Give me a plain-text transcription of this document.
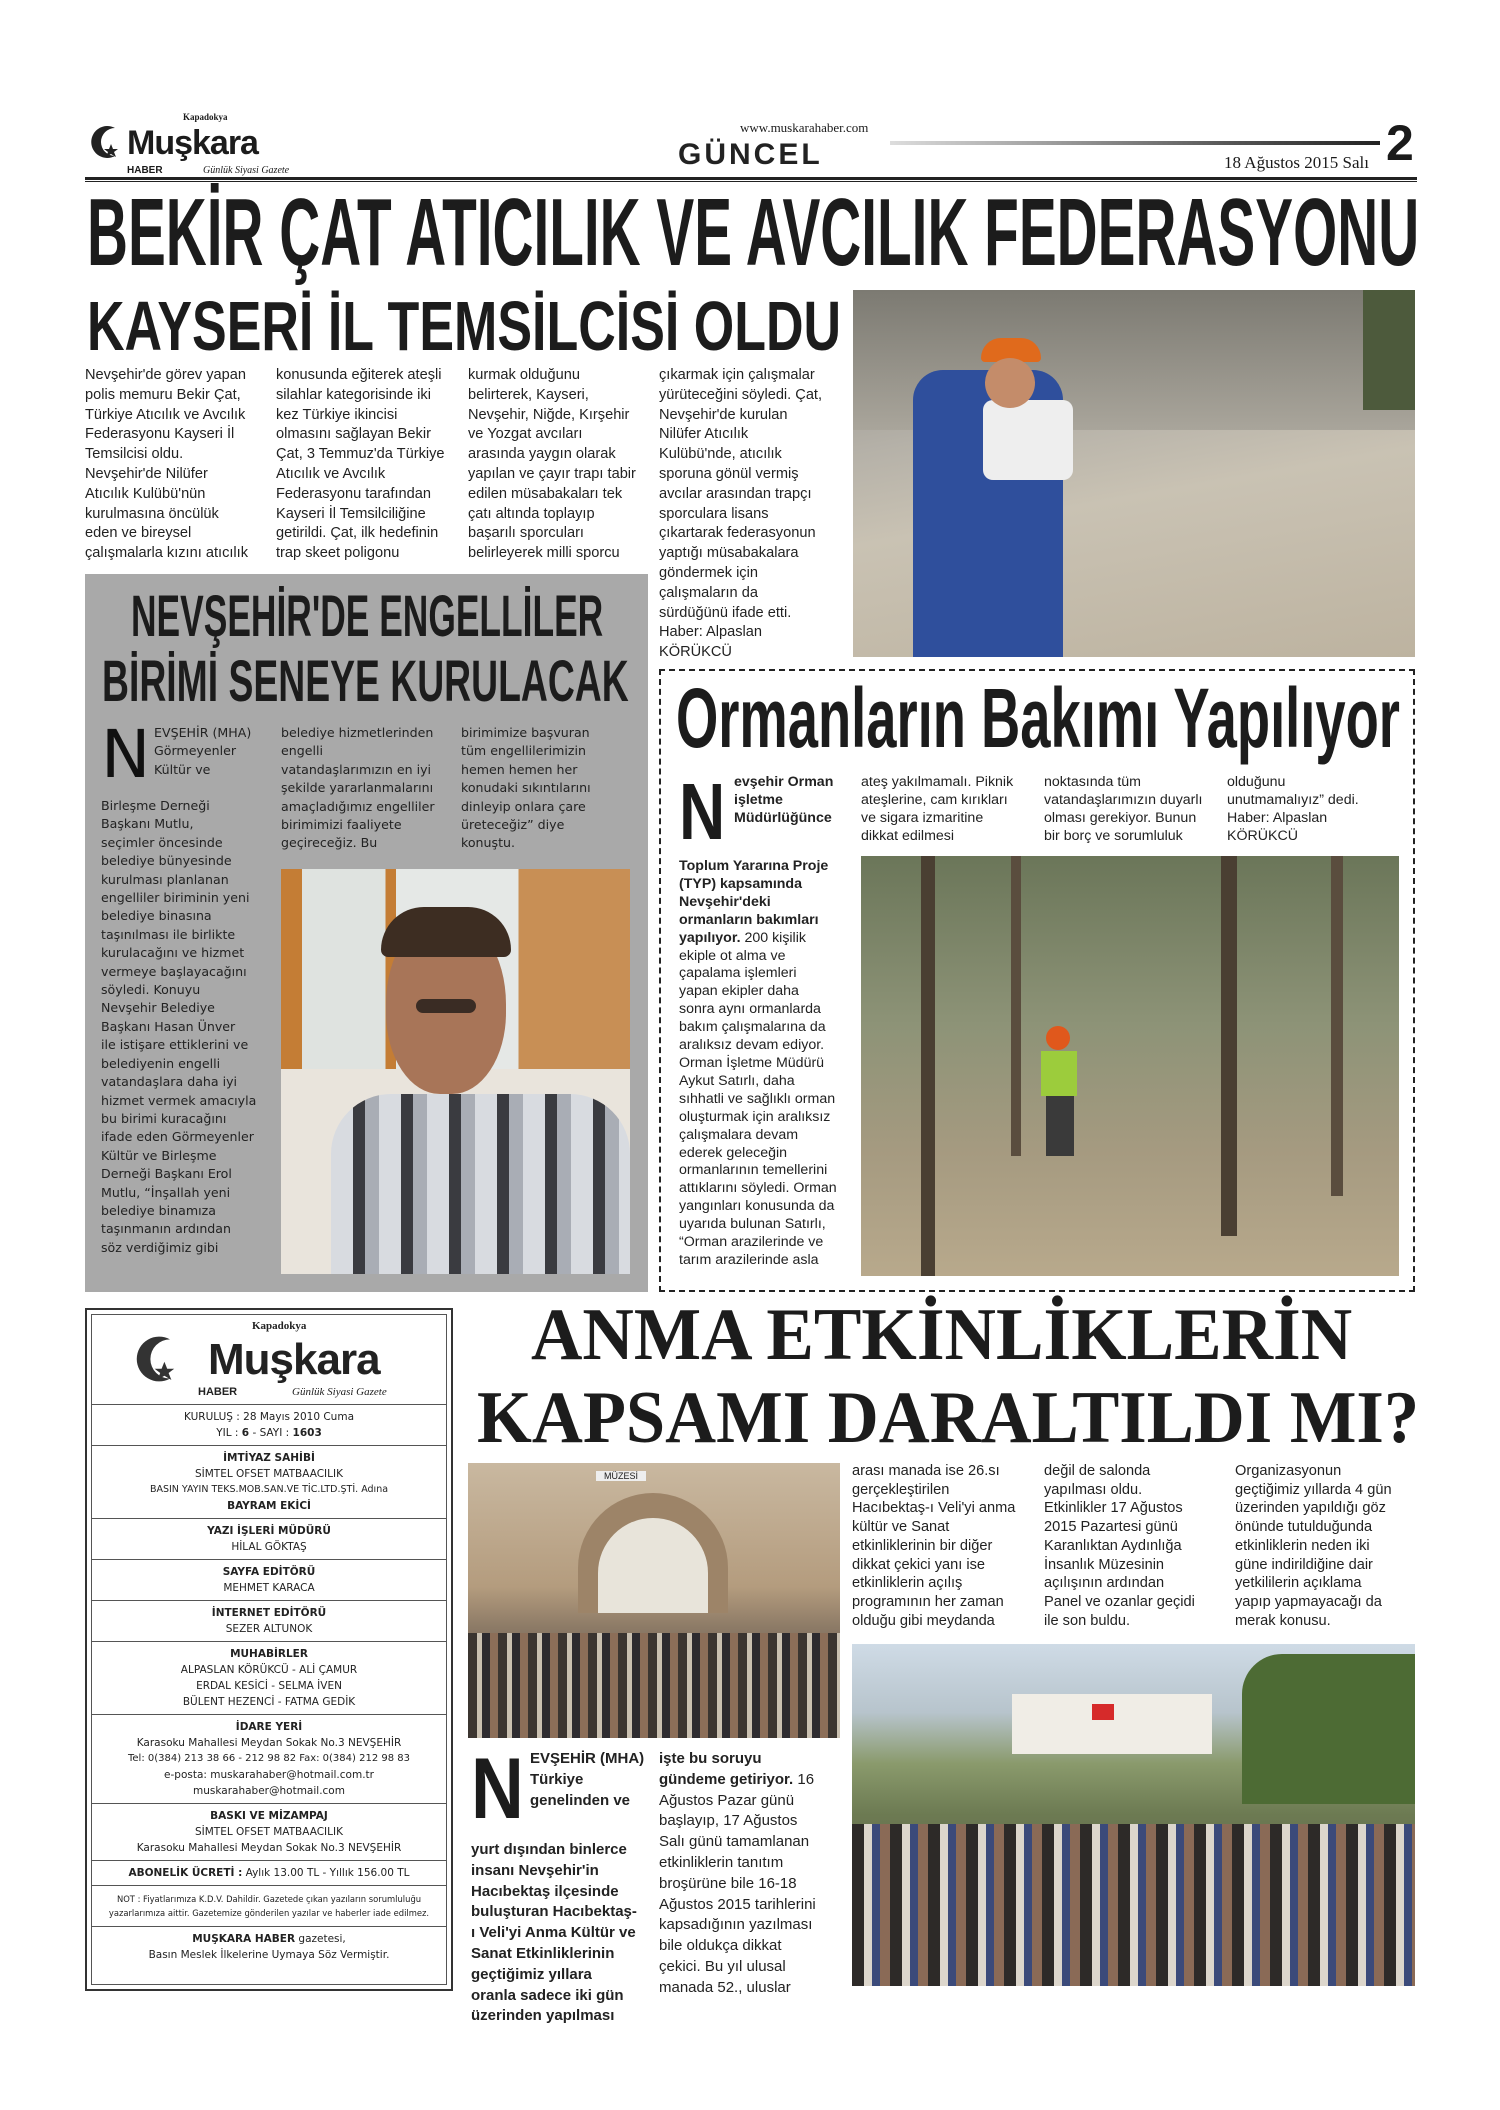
Kapadokya
Muşkara
HABER	Günlük Siyasi Gazete	GÜNCEL
www.muskarahaber.com
18 Ağustos 2015 Salı 2
BEKİR ÇAT ATICILIK VE AVCILIK FEDERASYONU
KAYSERİ İL TEMSİLCİSİ OLDU
Nevşehir'de görev yapan
polis memuru Bekir Çat,
Türkiye Atıcılık ve Avcılık
Federasyonu Kayseri İl
Temsilcisi oldu.
Nevşehir'de Nilüfer
Atıcılık Kulübü'nün
kurulmasına öncülük
eden ve bireysel
çalışmalarla kızını atıcılık
konusunda eğiterek ateşli
silahlar kategorisinde iki
kez Türkiye ikincisi
olmasını sağlayan Bekir
Çat, 3 Temmuz'da Türkiye
Atıcılık ve Avcılık
Federasyonu tarafından
Kayseri İl Temsilciliğine
getirildi. Çat, ilk hedefinin
trap skeet poligonu
kurmak olduğunu
belirterek, Kayseri,
Nevşehir, Niğde, Kırşehir
ve Yozgat avcıları
arasında yaygın olarak
yapılan ve çayır trapı tabir
edilen müsabakaları tek
çatı altında toplayıp
başarılı sporcuları
belirleyerek milli sporcu
çıkarmak için çalışmalar
yürüteceğini söyledi. Çat,
Nevşehir'de kurulan
Nilüfer Atıcılık
Kulübü'nde, atıcılık
sporuna gönül vermiş
avcılar arasından trapçı
sporculara lisans
çıkartarak federasyonun
yaptığı müsabakalara
göndermek için
çalışmaların da
sürdüğünü ifade etti.
Haber: Alpaslan
KÖRÜKCÜ
NEVŞEHİR'DE ENGELLİLER
BİRİMİ SENEYE KURULACAK
N EVŞEHİR (MHA)
Görmeyenler
Kültür ve
Birleşme Derneği
Başkanı Mutlu,
seçimler öncesinde
belediye bünyesinde
kurulması planlanan
engelliler biriminin yeni
belediye binasına
taşınılması ile birlikte
kurulacağını ve hizmet
vermeye başlayacağını
söyledi. Konuyu
Nevşehir Belediye
Başkanı Hasan Ünver
ile istişare ettiklerini ve
belediyenin engelli
vatandaşlara daha iyi
hizmet vermek amacıyla
bu birimi kuracağını
ifade eden Görmeyenler
Kültür ve Birleşme
Derneği Başkanı Erol
Mutlu, “İnşallah yeni
belediye binamıza
taşınmanın ardından
söz verdiğimiz gibi
belediye hizmetlerinden
engelli
vatandaşlarımızın en iyi
şekilde yararlanmalarını
amaçladığımız engelliler
birimimizi faaliyete
geçireceğiz. Bu
birimimize başvuran
tüm engellilerimizin
hemen hemen her
konudaki sıkıntılarını
dinleyip onlara çare
üreteceğiz” diye
konuştu.
Ormanların Bakımı Yapılıyor
N evşehir Orman
işletme
Müdürlüğünce
Toplum Yararına Proje
(TYP) kapsamında
Nevşehir'deki
ormanların bakımları
yapılıyor. 200 kişilik
ekiple ot alma ve
çapalama işlemleri
yapan ekipler daha
sonra aynı ormanlarda
bakım çalışmalarına da
aralıksız devam ediyor.
Orman İşletme Müdürü
Aykut Satırlı, daha
sıhhatli ve sağlıklı orman
oluşturmak için aralıksız
çalışmalara devam
ederek geleceğin
ormanlarının temellerini
attıklarını söyledi. Orman
yangınları konusunda da
uyarıda bulunan Satırlı,
“Orman arazilerinde ve
tarım arazilerinde asla
ateş yakılmamalı. Piknik
ateşlerine, cam kırıkları
ve sigara izmaritine
dikkat edilmesi
noktasında tüm
vatandaşlarımızın duyarlı
olması gerekiyor. Bunun
bir borç ve sorumluluk
olduğunu
unutmamalıyız” dedi.
Haber: Alpaslan
KÖRÜKCÜ
Kapadokya
Muşkara
HABER	Günlük Siyasi Gazete
KURULUŞ : 28 Mayıs 2010 Cuma
YIL : 6 - SAYI : 1603
İMTİYAZ SAHİBİ
SİMTEL OFSET MATBAACILIK
BASIN YAYIN TEKS.MOB.SAN.VE TİC.LTD.ŞTİ. Adına
BAYRAM EKİCİ
YAZI İŞLERİ MÜDÜRÜ
HİLAL GÖKTAŞ
SAYFA EDİTÖRÜ
MEHMET KARACA
İNTERNET EDİTÖRÜ
SEZER ALTUNOK
MUHABİRLER
ALPASLAN KÖRÜKCÜ - ALİ ÇAMUR
ERDAL KESİCİ - SELMA İVEN
BÜLENT HEZENCİ - FATMA GEDİK
İDARE YERİ
Karasoku Mahallesi Meydan Sokak No.3 NEVŞEHİR
Tel: 0(384) 213 38 66 - 212 98 82 Fax: 0(384) 212 98 83
e-posta: muskarahaber@hotmail.com.tr
muskarahaber@hotmail.com
BASKI VE MİZAMPAJ
SİMTEL OFSET MATBAACILIK
Karasoku Mahallesi Meydan Sokak No.3 NEVŞEHİR
ABONELİK ÜCRETİ : Aylık 13.00 TL - Yıllık 156.00 TL
NOT : Fiyatlarımıza K.D.V. Dahildir. Gazetede çıkan yazıların sorumluluğu yazarlarımıza aittir. Gazetemize gönderilen yazılar ve haberler iade edilmez.
MUŞKARA HABER gazetesi,
Basın Meslek İlkelerine Uymaya Söz Vermiştir.
ANMA ETKİNLİKLERİN
KAPSAMI DARALTILDI MI?
MÜZESİ	arası manada ise 26.sı
gerçekleştirilen
Hacıbektaş-ı Veli'yi anma
kültür ve Sanat
etkinliklerinin bir diğer
dikkat çekici yanı ise
etkinliklerin açılış
programının her zaman
olduğu gibi meydanda
değil de salonda
yapılması oldu.
Etkinlikler 17 Ağustos
2015 Pazartesi günü
Karanlıktan Aydınlığa
İnsanlık Müzesinin
açılışının ardından
Panel ve ozanlar geçidi
ile son buldu.
Organizasyonun
geçtiğimiz yıllarda 4 gün
üzerinden yapıldığı göz
önünde tutulduğunda
etkinliklerin neden iki
güne indirildiğine dair
yetkililerin açıklama
yapıp yapmayacağı da
merak konusu.
N EVŞEHİR (MHA)
Türkiye
genelinden ve
yurt dışından binlerce
insanı Nevşehir'in
Hacıbektaş ilçesinde
buluşturan Hacıbektaş-
ı Veli'yi Anma Kültür ve
Sanat Etkinliklerinin
geçtiğimiz yıllara
oranla sadece iki gün
üzerinden yapılması
işte bu soruyu
gündeme getiriyor. 16
Ağustos Pazar günü
başlayıp, 17 Ağustos
Salı günü tamamlanan
etkinliklerin tanıtım
broşürüne bile 16-18
Ağustos 2015 tarihlerini
kapsadığının yazılması
bile oldukça dikkat
çekici. Bu yıl ulusal
manada 52., uluslar
